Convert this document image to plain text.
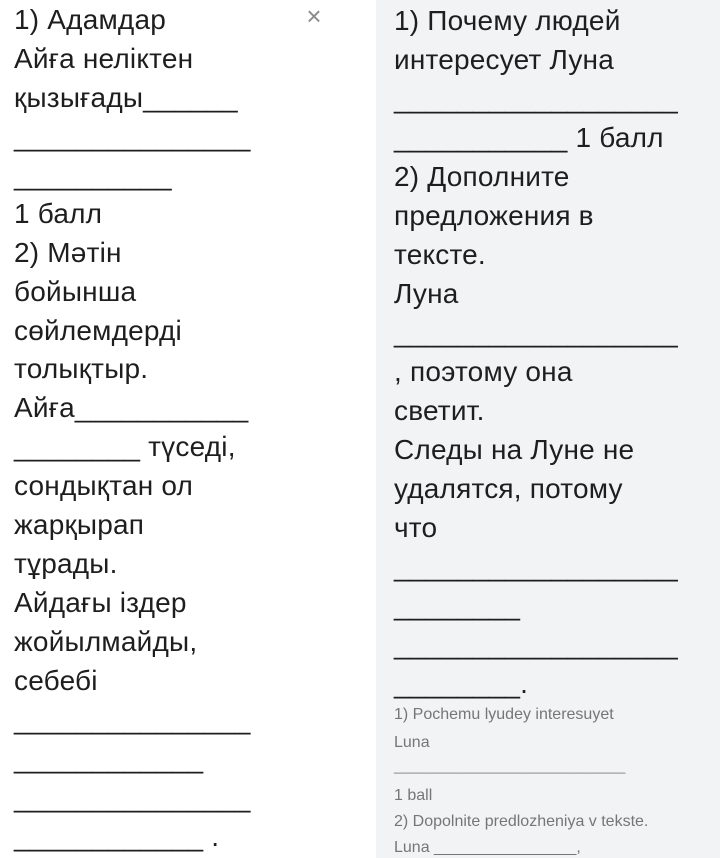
×
1) Адамдар
Айға неліктен
қызығады______
_______________
__________
1 балл
2) Мәтін
бойынша
сөйлемдерді
толықтыр.
Айға___________
________ түседі,
сондықтан ол
жарқырап
тұрады.
Айдағы іздер
жойылмайды,
себебі
_______________
____________
_______________
____________ .
1) Почему людей
интересует Луна
__________________
___________ 1 балл
2) Дополните
предложения в
тексте.
Луна
__________________
, поэтому она
светит.
Следы на Луне не
удалятся, потому
что
__________________
________
__________________
________.
1) Pochemu lyudey interesuyet
Luna
________________________________
1 ball
2) Dopolnite predlozheniya v tekste.
Luna ________________,
